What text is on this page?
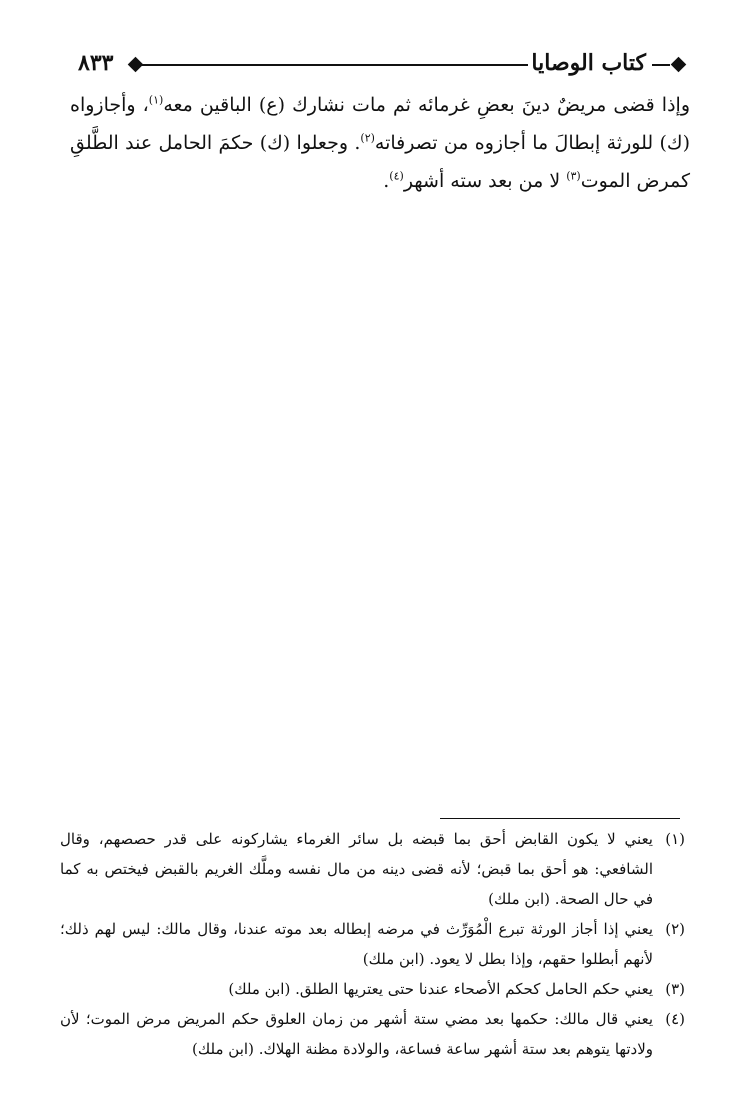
٨٣٣	كتاب الوصايا

وإذا قضى مريضٌ دينَ بعضِ غرمائه ثم مات نشارك (ع) الباقين معه$^{(١)}$، وأجازواه (ك) للورثة إبطالَ ما أجازوه من تصرفاته$^{(٢)}$. وجعلوا (ك) حكمَ الحامل عند الطَّلقِ كمرض الموت$^{(٣)}$ لا من بعد سته أشهر$^{(٤)}$.

(١)
يعني لا يكون القابض أحق بما قبضه بل سائر الغرماء يشاركونه على قدر حصصهم، وقال الشافعي: هو أحق بما قبض؛ لأنه قضى دينه من مال نفسه وملَّك الغريم بالقبض فيختص به كما في حال الصحة. (ابن ملك)
(٢)
يعني إذا أجاز الورثة تبرع الْمُوَرِّث في مرضه إبطاله بعد موته عندنا، وقال مالك: ليس لهم ذلك؛ لأنهم أبطلوا حقهم، وإذا بطل لا يعود. (ابن ملك)
(٣)
يعني حكم الحامل كحكم الأصحاء عندنا حتى يعتريها الطلق. (ابن ملك)
(٤)
يعني قال مالك: حكمها بعد مضي ستة أشهر من زمان العلوق حكم المريض مرض الموت؛ لأن ولادتها يتوهم بعد ستة أشهر ساعة فساعة، والولادة مظنة الهلاك. (ابن ملك)
